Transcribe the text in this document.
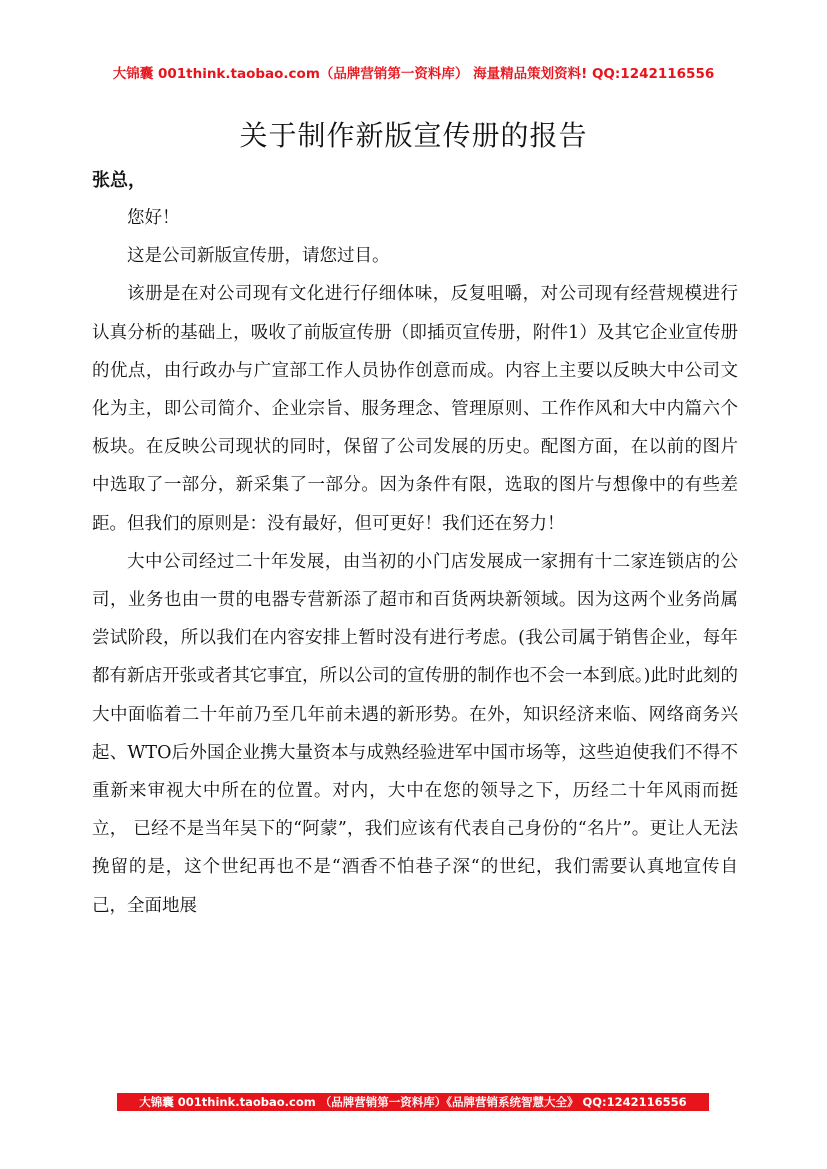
大锦囊 001think.taobao.com（品牌营销第一资料库） 海量精品策划资料! QQ:1242116556
关于制作新版宣传册的报告
张总，

您好！

这是公司新版宣传册，请您过目。

该册是在对公司现有文化进行仔细体味，反复咀嚼，对公司现有经营规模进行认真分析的基础上，吸收了前版宣传册（即插页宣传册，附件1）及其它企业宣传册的优点，由行政办与广宣部工作人员协作创意而成。内容上主要以反映大中公司文化为主，即公司简介、企业宗旨、服务理念、管理原则、工作作风和大中内篇六个板块。在反映公司现状的同时，保留了公司发展的历史。配图方面，在以前的图片中选取了一部分，新采集了一部分。因为条件有限，选取的图片与想像中的有些差距。但我们的原则是：没有最好，但可更好！我们还在努力！

大中公司经过二十年发展，由当初的小门店发展成一家拥有十二家连锁店的公司，业务也由一贯的电器专营新添了超市和百货两块新领域。因为这两个业务尚属尝试阶段，所以我们在内容安排上暂时没有进行考虑。(我公司属于销售企业，每年都有新店开张或者其它事宜，所以公司的宣传册的制作也不会一本到底。)此时此刻的大中面临着二十年前乃至几年前未遇的新形势。在外，知识经济来临、网络商务兴起、WTO后外国企业携大量资本与成熟经验进军中国市场等，这些迫使我们不得不重新来审视大中所在的位置。对内，大中在您的领导之下，历经二十年风雨而挺立， 已经不是当年吴下的“阿蒙”，我们应该有代表自己身份的“名片”。更让人无法挽留的是，这个世纪再也不是“酒香不怕巷子深“的世纪，我们需要认真地宣传自己，全面地展

大锦囊 001think.taobao.com （品牌营销第一资料库）《品牌营销系统智慧大全》 QQ:1242116556
